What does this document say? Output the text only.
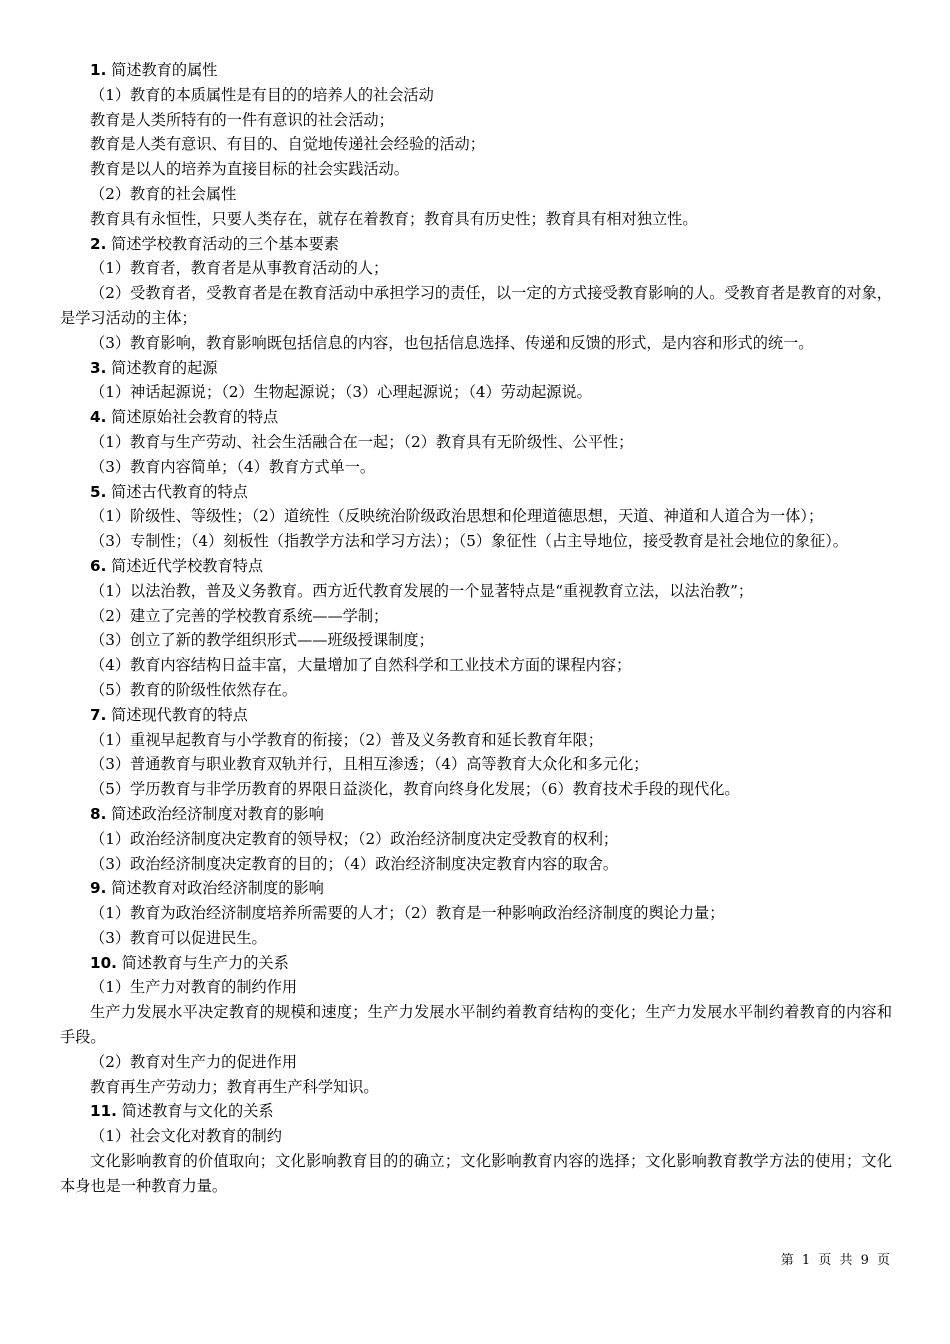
1. 简述教育的属性
（1）教育的本质属性是有目的的培养人的社会活动
教育是人类所特有的一件有意识的社会活动；
教育是人类有意识、有目的、自觉地传递社会经验的活动；
教育是以人的培养为直接目标的社会实践活动。
（2）教育的社会属性
教育具有永恒性，只要人类存在，就存在着教育；教育具有历史性；教育具有相对独立性。
2. 简述学校教育活动的三个基本要素
（1）教育者，教育者是从事教育活动的人；
（2）受教育者，受教育者是在教育活动中承担学习的责任，以一定的方式接受教育影响的人。受教育者是教育的对象，是学习活动的主体；
（3）教育影响，教育影响既包括信息的内容，也包括信息选择、传递和反馈的形式，是内容和形式的统一。
3. 简述教育的起源
（1）神话起源说；（2）生物起源说；（3）心理起源说；（4）劳动起源说。
4. 简述原始社会教育的特点
（1）教育与生产劳动、社会生活融合在一起；（2）教育具有无阶级性、公平性；
（3）教育内容简单；（4）教育方式单一。
5. 简述古代教育的特点
（1）阶级性、等级性；（2）道统性（反映统治阶级政治思想和伦理道德思想，天道、神道和人道合为一体）；
（3）专制性；（4）刻板性（指教学方法和学习方法）；（5）象征性（占主导地位，接受教育是社会地位的象征）。
6. 简述近代学校教育特点
（1）以法治教，普及义务教育。西方近代教育发展的一个显著特点是“重视教育立法，以法治教”；
（2）建立了完善的学校教育系统——学制；
（3）创立了新的教学组织形式——班级授课制度；
（4）教育内容结构日益丰富，大量增加了自然科学和工业技术方面的课程内容；
（5）教育的阶级性依然存在。
7. 简述现代教育的特点
（1）重视早起教育与小学教育的衔接；（2）普及义务教育和延长教育年限；
（3）普通教育与职业教育双轨并行，且相互渗透；（4）高等教育大众化和多元化；
（5）学历教育与非学历教育的界限日益淡化，教育向终身化发展；（6）教育技术手段的现代化。
8. 简述政治经济制度对教育的影响
（1）政治经济制度决定教育的领导权；（2）政治经济制度决定受教育的权利；
（3）政治经济制度决定教育的目的；（4）政治经济制度决定教育内容的取舍。
9. 简述教育对政治经济制度的影响
（1）教育为政治经济制度培养所需要的人才；（2）教育是一种影响政治经济制度的舆论力量；
（3）教育可以促进民生。
10. 简述教育与生产力的关系
（1）生产力对教育的制约作用
生产力发展水平决定教育的规模和速度；生产力发展水平制约着教育结构的变化；生产力发展水平制约着教育的内容和手段。
（2）教育对生产力的促进作用
教育再生产劳动力；教育再生产科学知识。
11. 简述教育与文化的关系
（1）社会文化对教育的制约
文化影响教育的价值取向；文化影响教育目的的确立；文化影响教育内容的选择；文化影响教育教学方法的使用；文化本身也是一种教育力量。
第 1 页 共 9 页
